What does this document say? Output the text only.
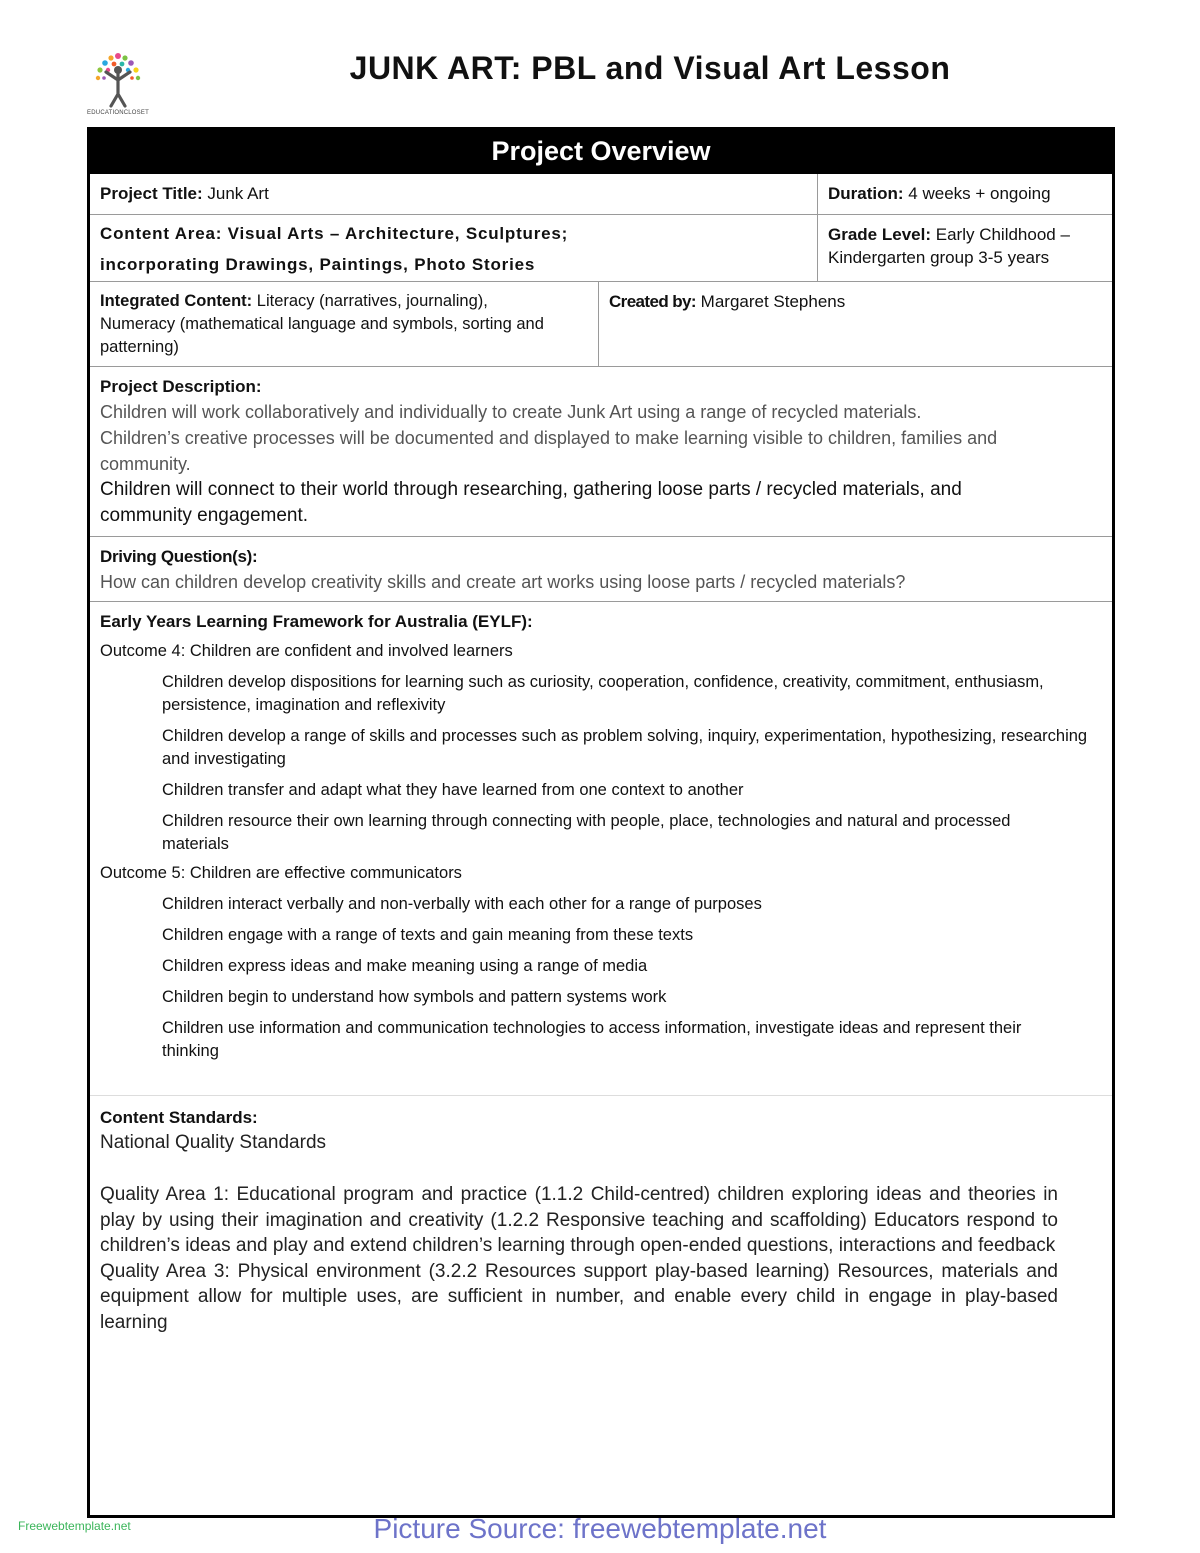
EDUCATIONCLOSET
JUNK ART: PBL and Visual Art Lesson
Project Overview
Project Title: Junk Art	Duration: 4 weeks + ongoing
Content Area: Visual Arts – Architecture, Sculptures;
incorporating Drawings, Paintings, Photo Stories
Grade Level: Early Childhood –
Kindergarten group 3-5 years
Integrated Content: Literacy (narratives, journaling),
Numeracy (mathematical language and symbols, sorting and
patterning)
Created by: Margaret Stephens
Project Description:
Children will work collaboratively and individually to create Junk Art using a range of recycled materials.
Children’s creative processes will be documented and displayed to make learning visible to children, families and
community.
Children will connect to their world through researching, gathering loose parts / recycled materials, and
community engagement.
Driving Question(s):
How can children develop creativity skills and create art works using loose parts / recycled materials?
Early Years Learning Framework for Australia (EYLF):
Outcome 4: Children are confident and involved learners
Children develop dispositions for learning such as curiosity, cooperation, confidence, creativity, commitment, enthusiasm,
persistence, imagination and reflexivity
Children develop a range of skills and processes such as problem solving, inquiry, experimentation, hypothesizing, researching
and investigating
Children transfer and adapt what they have learned from one context to another
Children resource their own learning through connecting with people, place, technologies and natural and processed
materials
Outcome 5: Children are effective communicators
Children interact verbally and non-verbally with each other for a range of purposes
Children engage with a range of texts and gain meaning from these texts
Children express ideas and make meaning using a range of media
Children begin to understand how symbols and pattern systems work
Children use information and communication technologies to access information, investigate ideas and represent their
thinking
Content Standards:
National Quality Standards
Quality Area 1: Educational program and practice (1.1.2 Child-centred) children exploring ideas and theories in play by using their imagination and creativity (1.2.2 Responsive teaching and scaffolding) Educators respond to children’s ideas and play and extend children’s learning through open-ended questions, interactions and feedback
Quality Area 3: Physical environment (3.2.2 Resources support play-based learning) Resources, materials and equipment allow for multiple uses, are sufficient in number, and enable every child in engage in play-based learning
Freewebtemplate.net	Picture Source: freewebtemplate.net
